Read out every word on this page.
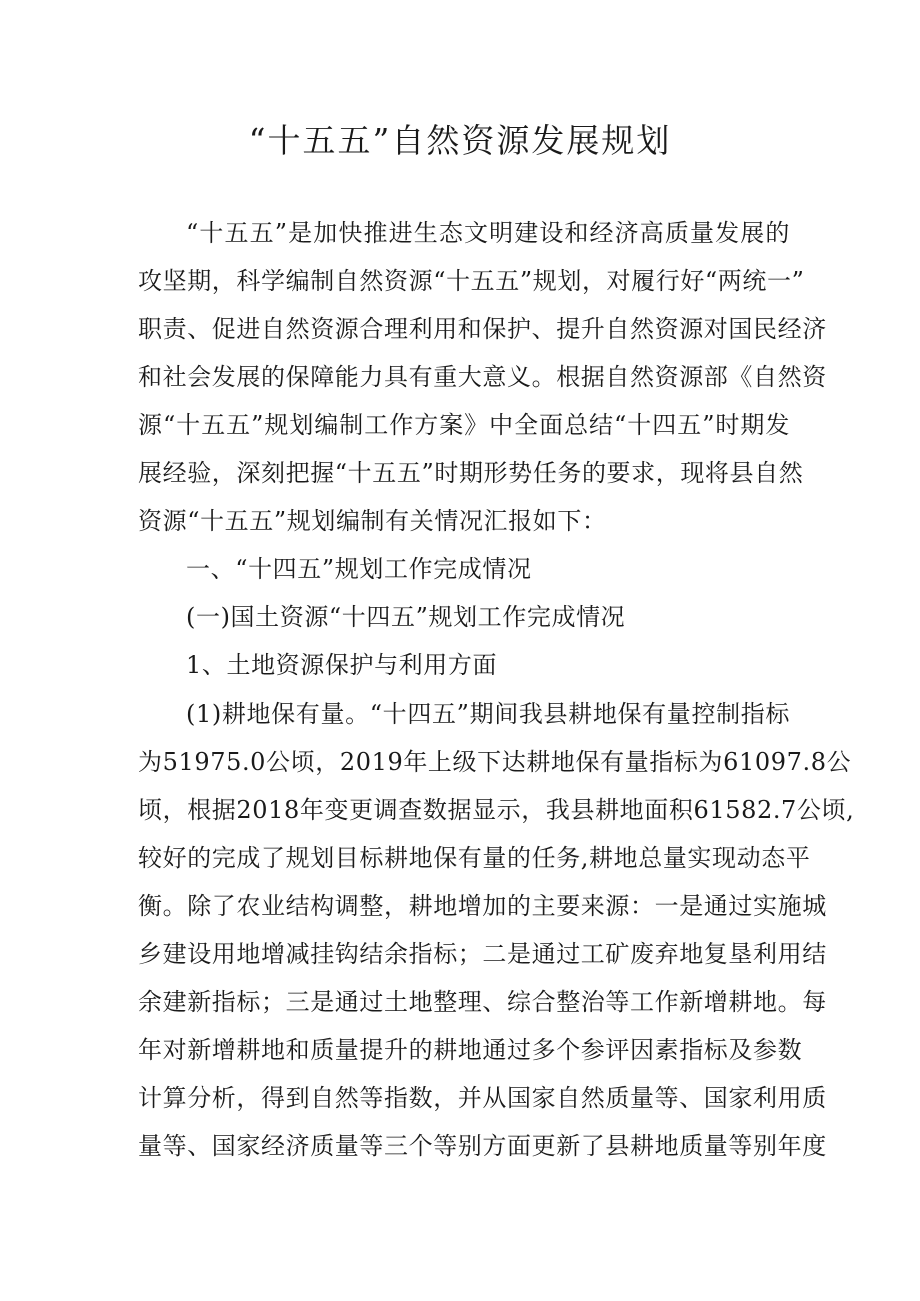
“十五五”自然资源发展规划
“十五五”是加快推进生态文明建设和经济高质量发展的
攻坚期，科学编制自然资源“十五五”规划，对履行好“两统一”
职责、促进自然资源合理利用和保护、提升自然资源对国民经济
和社会发展的保障能力具有重大意义。根据自然资源部《自然资
源“十五五”规划编制工作方案》中全面总结“十四五”时期发
展经验，深刻把握“十五五”时期形势任务的要求，现将县自然
资源“十五五”规划编制有关情况汇报如下：
一、“十四五”规划工作完成情况
(一)国土资源“十四五”规划工作完成情况
1、土地资源保护与利用方面
(1)耕地保有量。“十四五”期间我县耕地保有量控制指标
为51975.0公顷，2019年上级下达耕地保有量指标为61097.8公
顷，根据2018年变更调查数据显示，我县耕地面积61582.7公顷,
较好的完成了规划目标耕地保有量的任务,耕地总量实现动态平
衡。除了农业结构调整，耕地增加的主要来源：一是通过实施城
乡建设用地增减挂钩结余指标；二是通过工矿废弃地复垦利用结
余建新指标；三是通过土地整理、综合整治等工作新增耕地。每
年对新增耕地和质量提升的耕地通过多个参评因素指标及参数
计算分析，得到自然等指数，并从国家自然质量等、国家利用质
量等、国家经济质量等三个等别方面更新了县耕地质量等别年度
